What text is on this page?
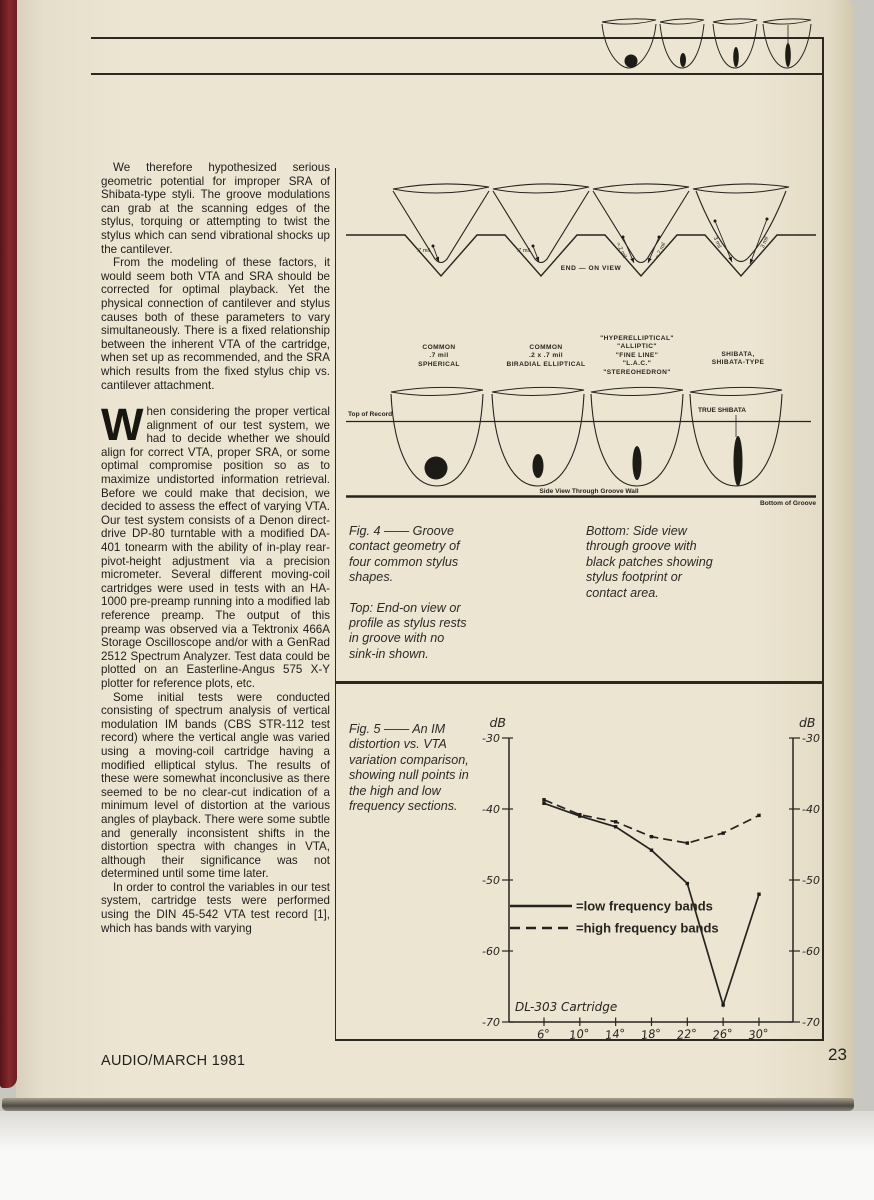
We therefore hypothesized serious geometric potential for improper SRA of Shibata-type styli. The groove modulations can grab at the scanning edges of the stylus, torquing or attempting to twist the stylus which can send vibrational shocks up the cantilever.

From the modeling of these factors, it would seem both VTA and SRA should be corrected for optimal playback. Yet the physical connection of cantilever and stylus causes both of these parameters to vary simultaneously. There is a fixed relationship between the inherent VTA of the cartridge, when set up as recommended, and the SRA which results from the fixed stylus chip vs. cantilever attachment.

When considering the proper vertical alignment of our test system, we had to decide whether we should align for correct VTA, proper SRA, or some optimal compromise position so as to maximize undistorted information retrieval. Before we could make that decision, we decided to assess the effect of varying VTA. Our test system consists of a Denon direct-drive DP-80 turntable with a modified DA-401 tonearm with the ability of in-play rear-pivot-height adjustment via a precision micrometer. Several different moving-coil cartridges were used in tests with an HA-1000 pre-preamp running into a modified lab reference preamp. The output of this preamp was observed via a Tektronix 466A Storage Oscilloscope and/or with a GenRad 2512 Spectrum Analyzer. Test data could be plotted on an Easterline-Angus 575 X-Y plotter for reference plots, etc.

Some initial tests were conducted consisting of spectrum analysis of vertical modulation IM bands (CBS STR-112 test record) where the vertical angle was varied using a moving-coil cartridge having a modified elliptical stylus. The results of these were somewhat inconclusive as there seemed to be no clear-cut indication of a minimum level of distortion at the various angles of playback. There were some subtle and generally inconsistent shifts in the distortion spectra with changes in VTA, although their significance was not determined until some time later.

In order to control the variables in our test system, cartridge tests were performed using the DIN 45-542 VTA test record [1], which has bands with varying

.7 mil	.7 mil	≈.2 mil	≈.2 mil	3 mil	3 mil
END — ON VIEW
COMMON
.7 mil
SPHERICAL
COMMON
.2 x .7 mil
BIRADIAL ELLIPTICAL
"HYPERELLIPTICAL"
"ALLIPTIC"
"FINE LINE"
"L.A.C."
"STEREOHEDRON"
SHIBATA,
SHIBATA-TYPE
Top of Record
TRUE SHIBATA
Side View Through Groove Wall
Bottom of Groove
Fig. 4 —— Groove contact geometry of four common stylus shapes.
Top: End-on view or profile as stylus rests in groove with no sink-in shown.
Bottom: Side view through groove with black patches showing stylus footprint or contact area.
Fig. 5 —— An IM distortion vs. VTA variation comparison, showing null points in the high and low frequency sections.
-30	-30
-40	-40
-50	-50
-60	-60
-70	-70
dB	dB
6° 10° 14° 18° 22° 26° 30°
=low frequency bands
=high frequency bands
DL-303 Cartridge
AUDIO/MARCH 1981	23
